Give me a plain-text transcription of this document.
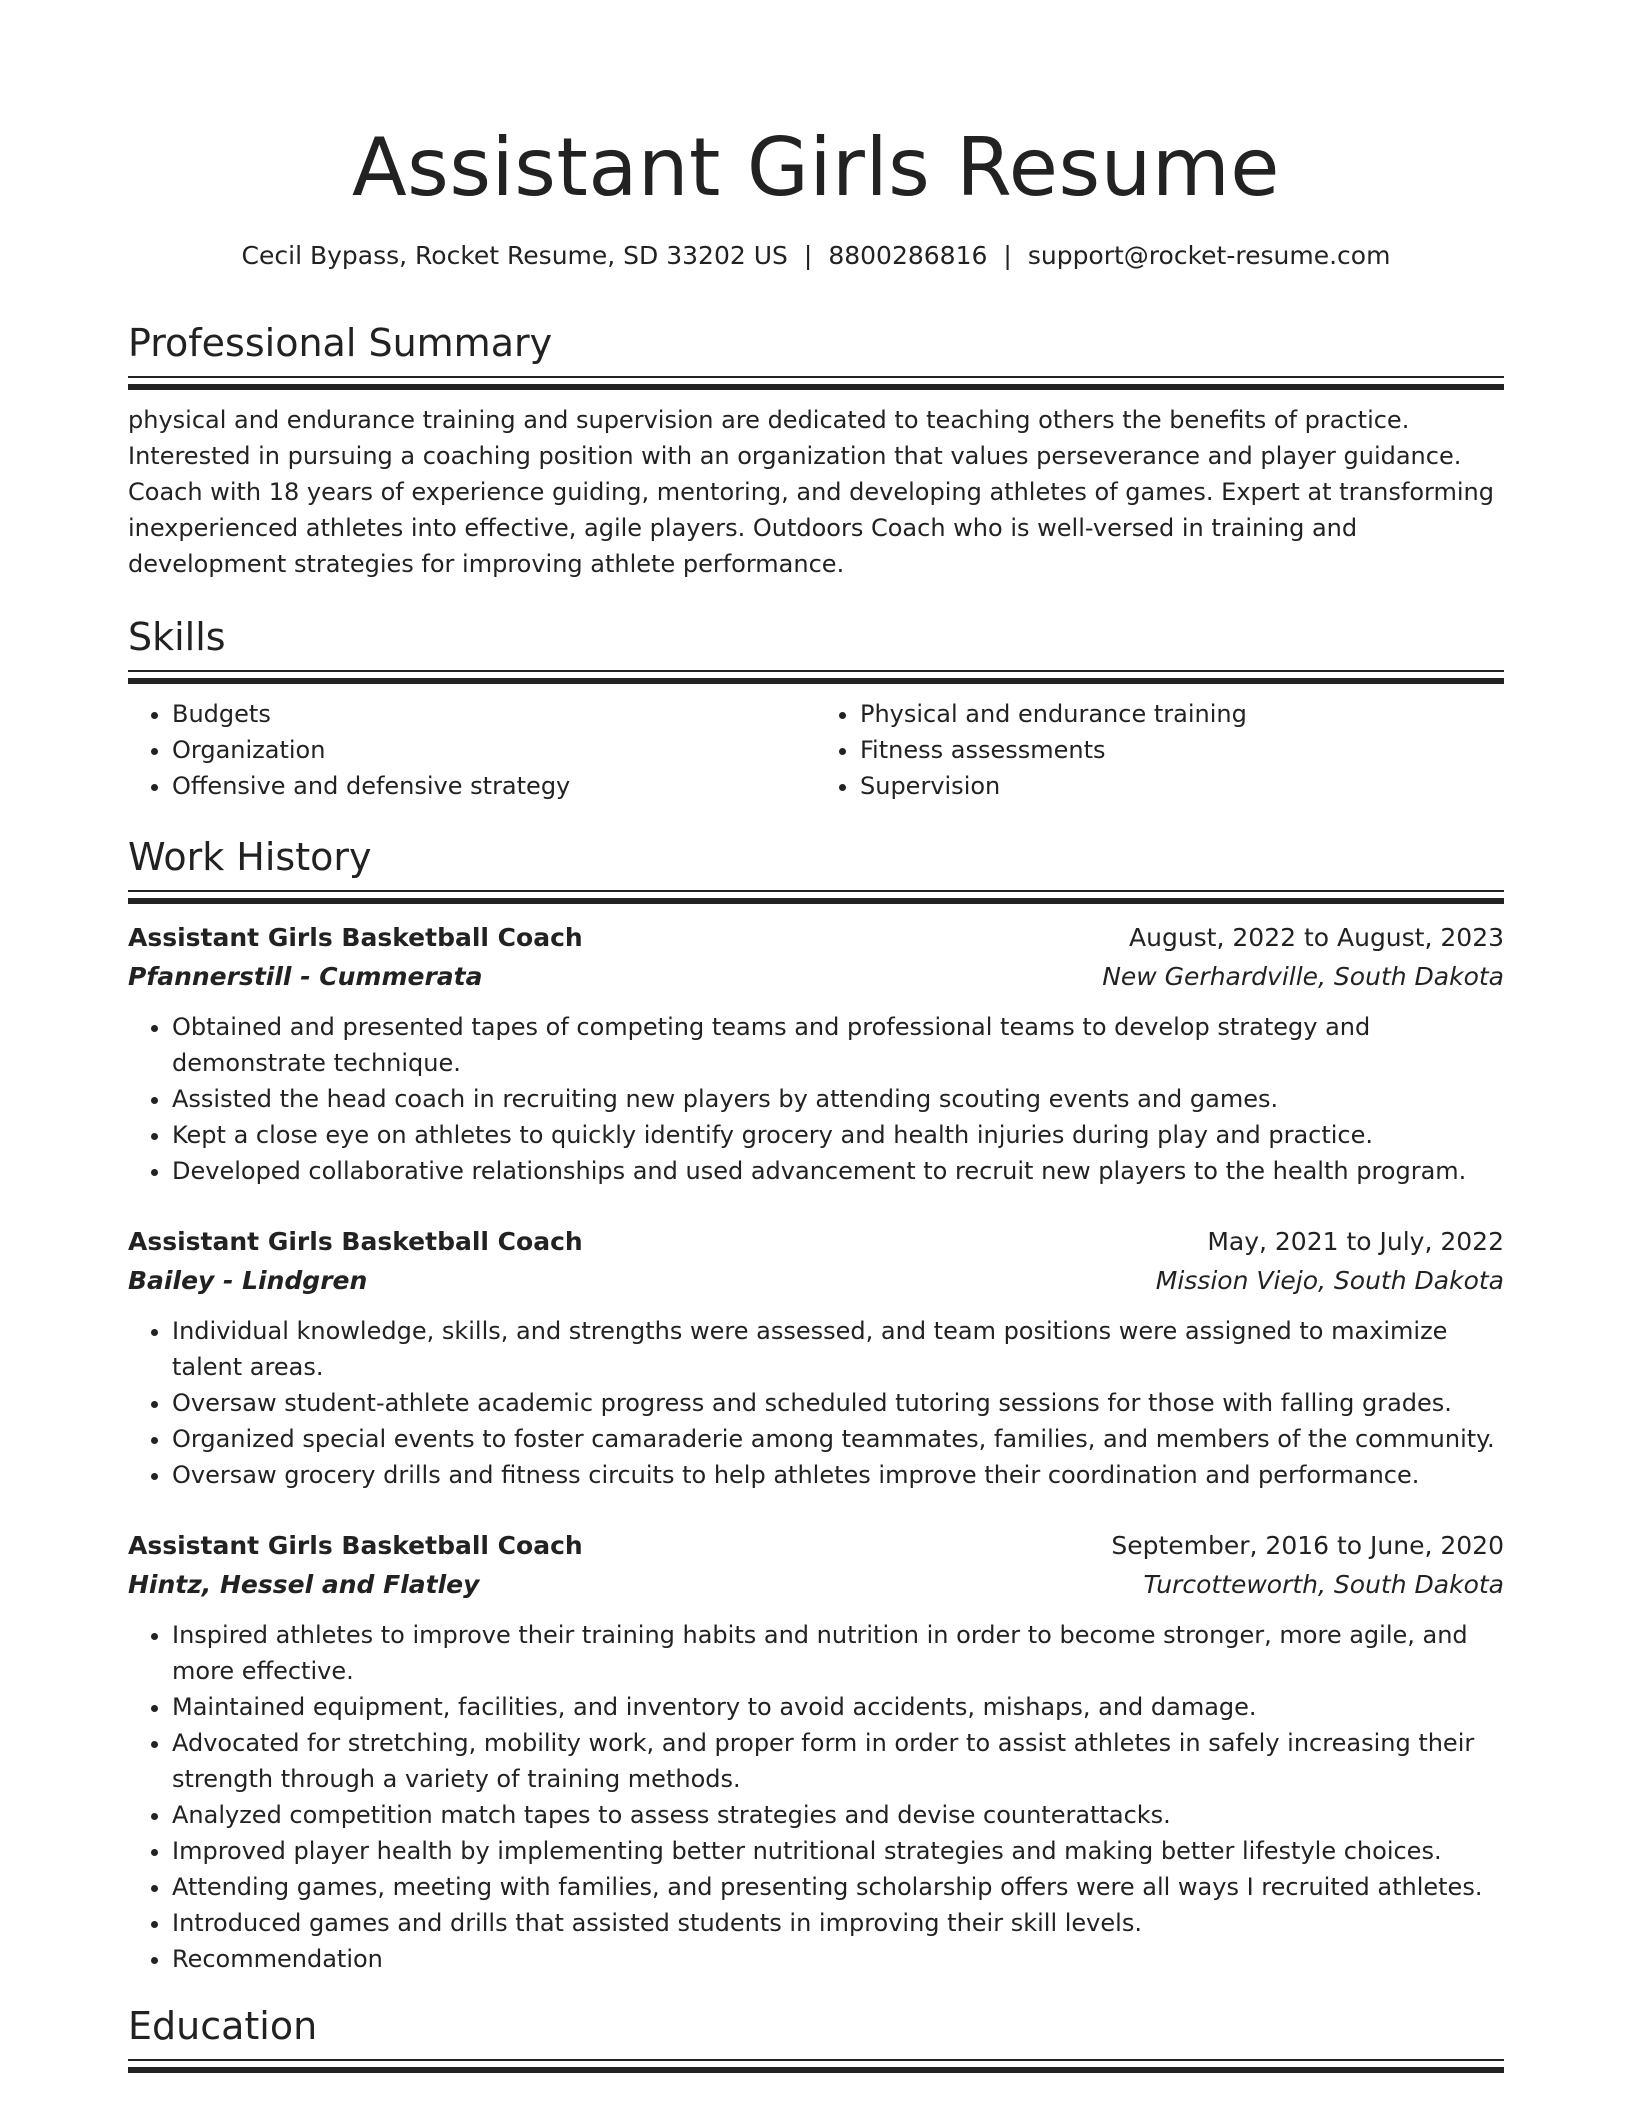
Assistant Girls Resume
Cecil Bypass, Rocket Resume, SD 33202 US | 8800286816 | support@rocket-resume.com
Professional Summary
physical and endurance training and supervision are dedicated to teaching others the benefits of practice. Interested in pursuing a coaching position with an organization that values perseverance and player guidance. Coach with 18 years of experience guiding, mentoring, and developing athletes of games. Expert at transforming inexperienced athletes into effective, agile players. Outdoors Coach who is well-versed in training and development strategies for improving athlete performance.
Skills
• Budgets
• Organization
• Offensive and defensive strategy
• Physical and endurance training
• Fitness assessments
• Supervision
Work History
Assistant Girls Basketball Coach	August, 2022 to August, 2023
Pfannerstill - Cummerata	New Gerhardville, South Dakota
• Obtained and presented tapes of competing teams and professional teams to develop strategy and demonstrate technique.
• Assisted the head coach in recruiting new players by attending scouting events and games.
• Kept a close eye on athletes to quickly identify grocery and health injuries during play and practice.
• Developed collaborative relationships and used advancement to recruit new players to the health program.
Assistant Girls Basketball Coach	May, 2021 to July, 2022
Bailey - Lindgren	Mission Viejo, South Dakota
• Individual knowledge, skills, and strengths were assessed, and team positions were assigned to maximize talent areas.
• Oversaw student-athlete academic progress and scheduled tutoring sessions for those with falling grades.
• Organized special events to foster camaraderie among teammates, families, and members of the community.
• Oversaw grocery drills and fitness circuits to help athletes improve their coordination and performance.
Assistant Girls Basketball Coach	September, 2016 to June, 2020
Hintz, Hessel and Flatley	Turcotteworth, South Dakota
• Inspired athletes to improve their training habits and nutrition in order to become stronger, more agile, and more effective.
• Maintained equipment, facilities, and inventory to avoid accidents, mishaps, and damage.
• Advocated for stretching, mobility work, and proper form in order to assist athletes in safely increasing their strength through a variety of training methods.
• Analyzed competition match tapes to assess strategies and devise counterattacks.
• Improved player health by implementing better nutritional strategies and making better lifestyle choices.
• Attending games, meeting with families, and presenting scholarship offers were all ways I recruited athletes.
• Introduced games and drills that assisted students in improving their skill levels.
• Recommendation
Education
